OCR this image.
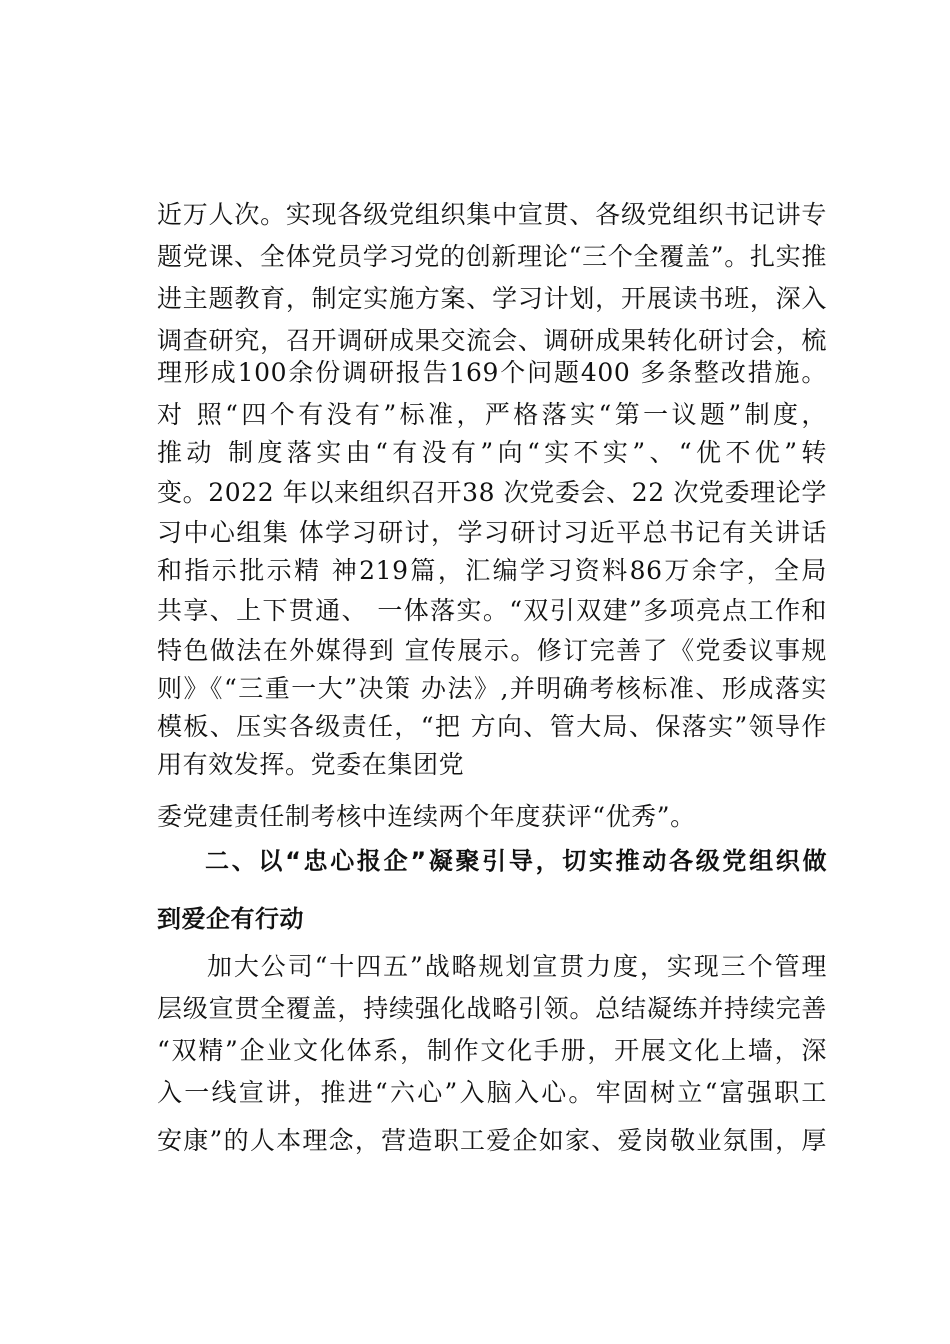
近万人次。实现各级党组织集中宣贯、各级党组织书记讲专
题党课、全体党员学习党的创新理论“三个全覆盖”。扎实推
进主题教育，制定实施方案、学习计划，开展读书班，深入
调查研究，召开调研成果交流会、调研成果转化研讨会，梳
理形成100余份调研报告169个问题400 多条整改措施。
对 照“四个有没有”标准，严格落实“第一议题”制度，
推动 制度落实由“有没有”向“实不实”、“优不优”转
变。2022 年以来组织召开38 次党委会、22 次党委理论学
习中心组集 体学习研讨，学习研讨习近平总书记有关讲话
和指示批示精 神219篇，汇编学习资料86万余字，全局
共享、上下贯通、 一体落实。“双引双建”多项亮点工作和
特色做法在外媒得到 宣传展示。修订完善了《党委议事规
则》《“三重一大”决策 办法》,并明确考核标准、形成落实
模板、压实各级责任，“把 方向、管大局、保落实”领导作
用有效发挥。党委在集团党
委党建责任制考核中连续两个年度获评“优秀”。
二、以“忠心报企”凝聚引导，切实推动各级党组织做
到爱企有行动
加大公司“十四五”战略规划宣贯力度，实现三个管理
层级宣贯全覆盖，持续强化战略引领。总结凝练并持续完善
“双精”企业文化体系，制作文化手册，开展文化上墙，深
入一线宣讲，推进“六心”入脑入心。牢固树立“富强职工
安康”的人本理念，营造职工爱企如家、爱岗敬业氛围，厚
